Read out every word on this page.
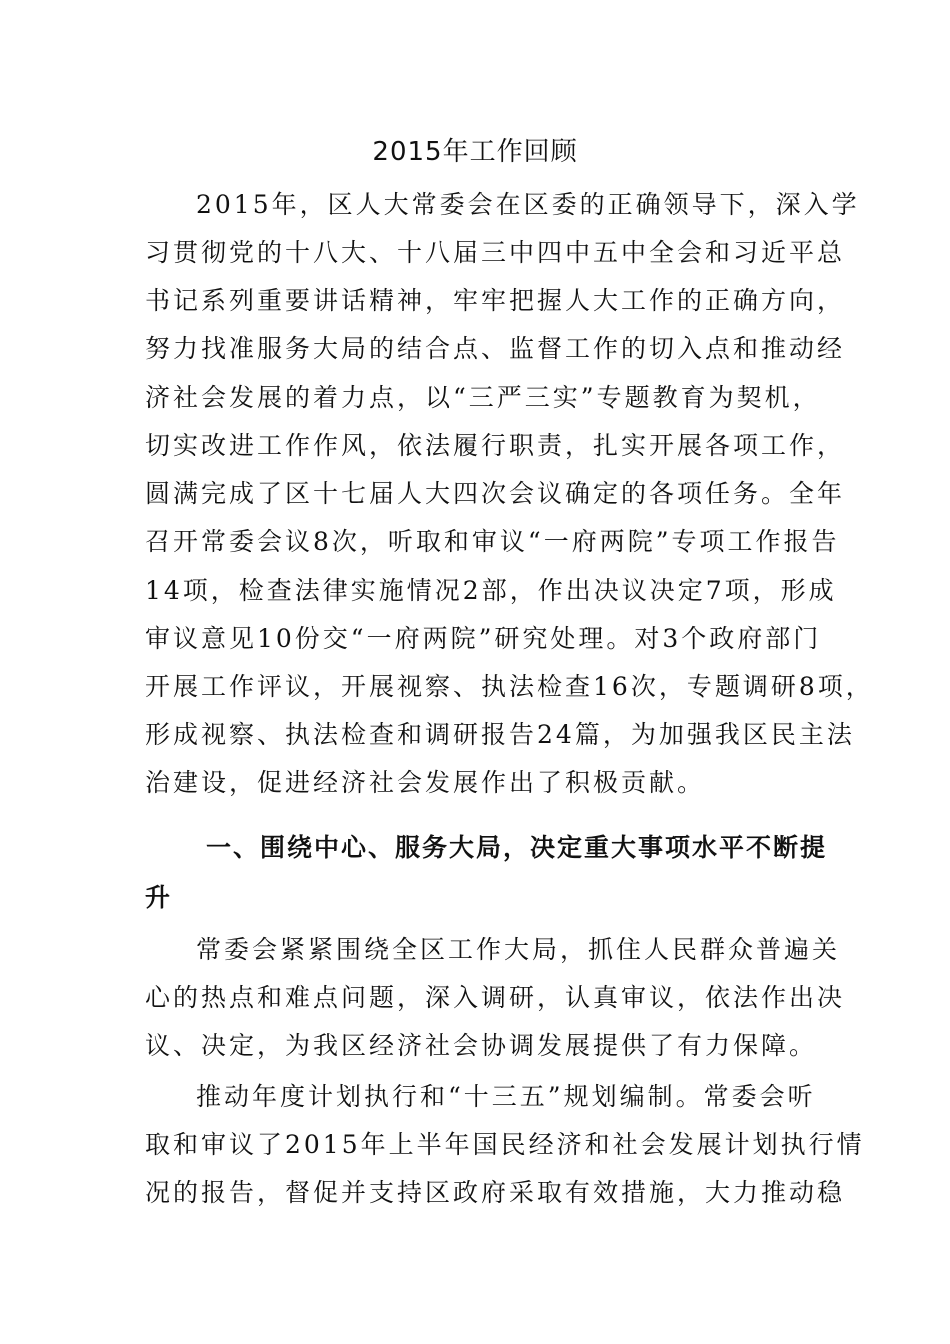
2015年工作回顾
2015年，区人大常委会在区委的正确领导下，深入学
习贯彻党的十八大、十八届三中四中五中全会和习近平总
书记系列重要讲话精神，牢牢把握人大工作的正确方向，
努力找准服务大局的结合点、监督工作的切入点和推动经
济社会发展的着力点，以“三严三实”专题教育为契机，
切实改进工作作风，依法履行职责，扎实开展各项工作，
圆满完成了区十七届人大四次会议确定的各项任务。全年
召开常委会议8次，听取和审议“一府两院”专项工作报告
14项，检查法律实施情况2部，作出决议决定7项，形成
审议意见10份交“一府两院”研究处理。对3个政府部门
开展工作评议，开展视察、执法检查16次，专题调研8项，
形成视察、执法检查和调研报告24篇，为加强我区民主法
治建设，促进经济社会发展作出了积极贡献。
一、围绕中心、服务大局，决定重大事项水平不断提
升
常委会紧紧围绕全区工作大局，抓住人民群众普遍关
心的热点和难点问题，深入调研，认真审议，依法作出决
议、决定，为我区经济社会协调发展提供了有力保障。
推动年度计划执行和“十三五”规划编制。常委会听
取和审议了2015年上半年国民经济和社会发展计划执行情
况的报告，督促并支持区政府采取有效措施，大力推动稳
